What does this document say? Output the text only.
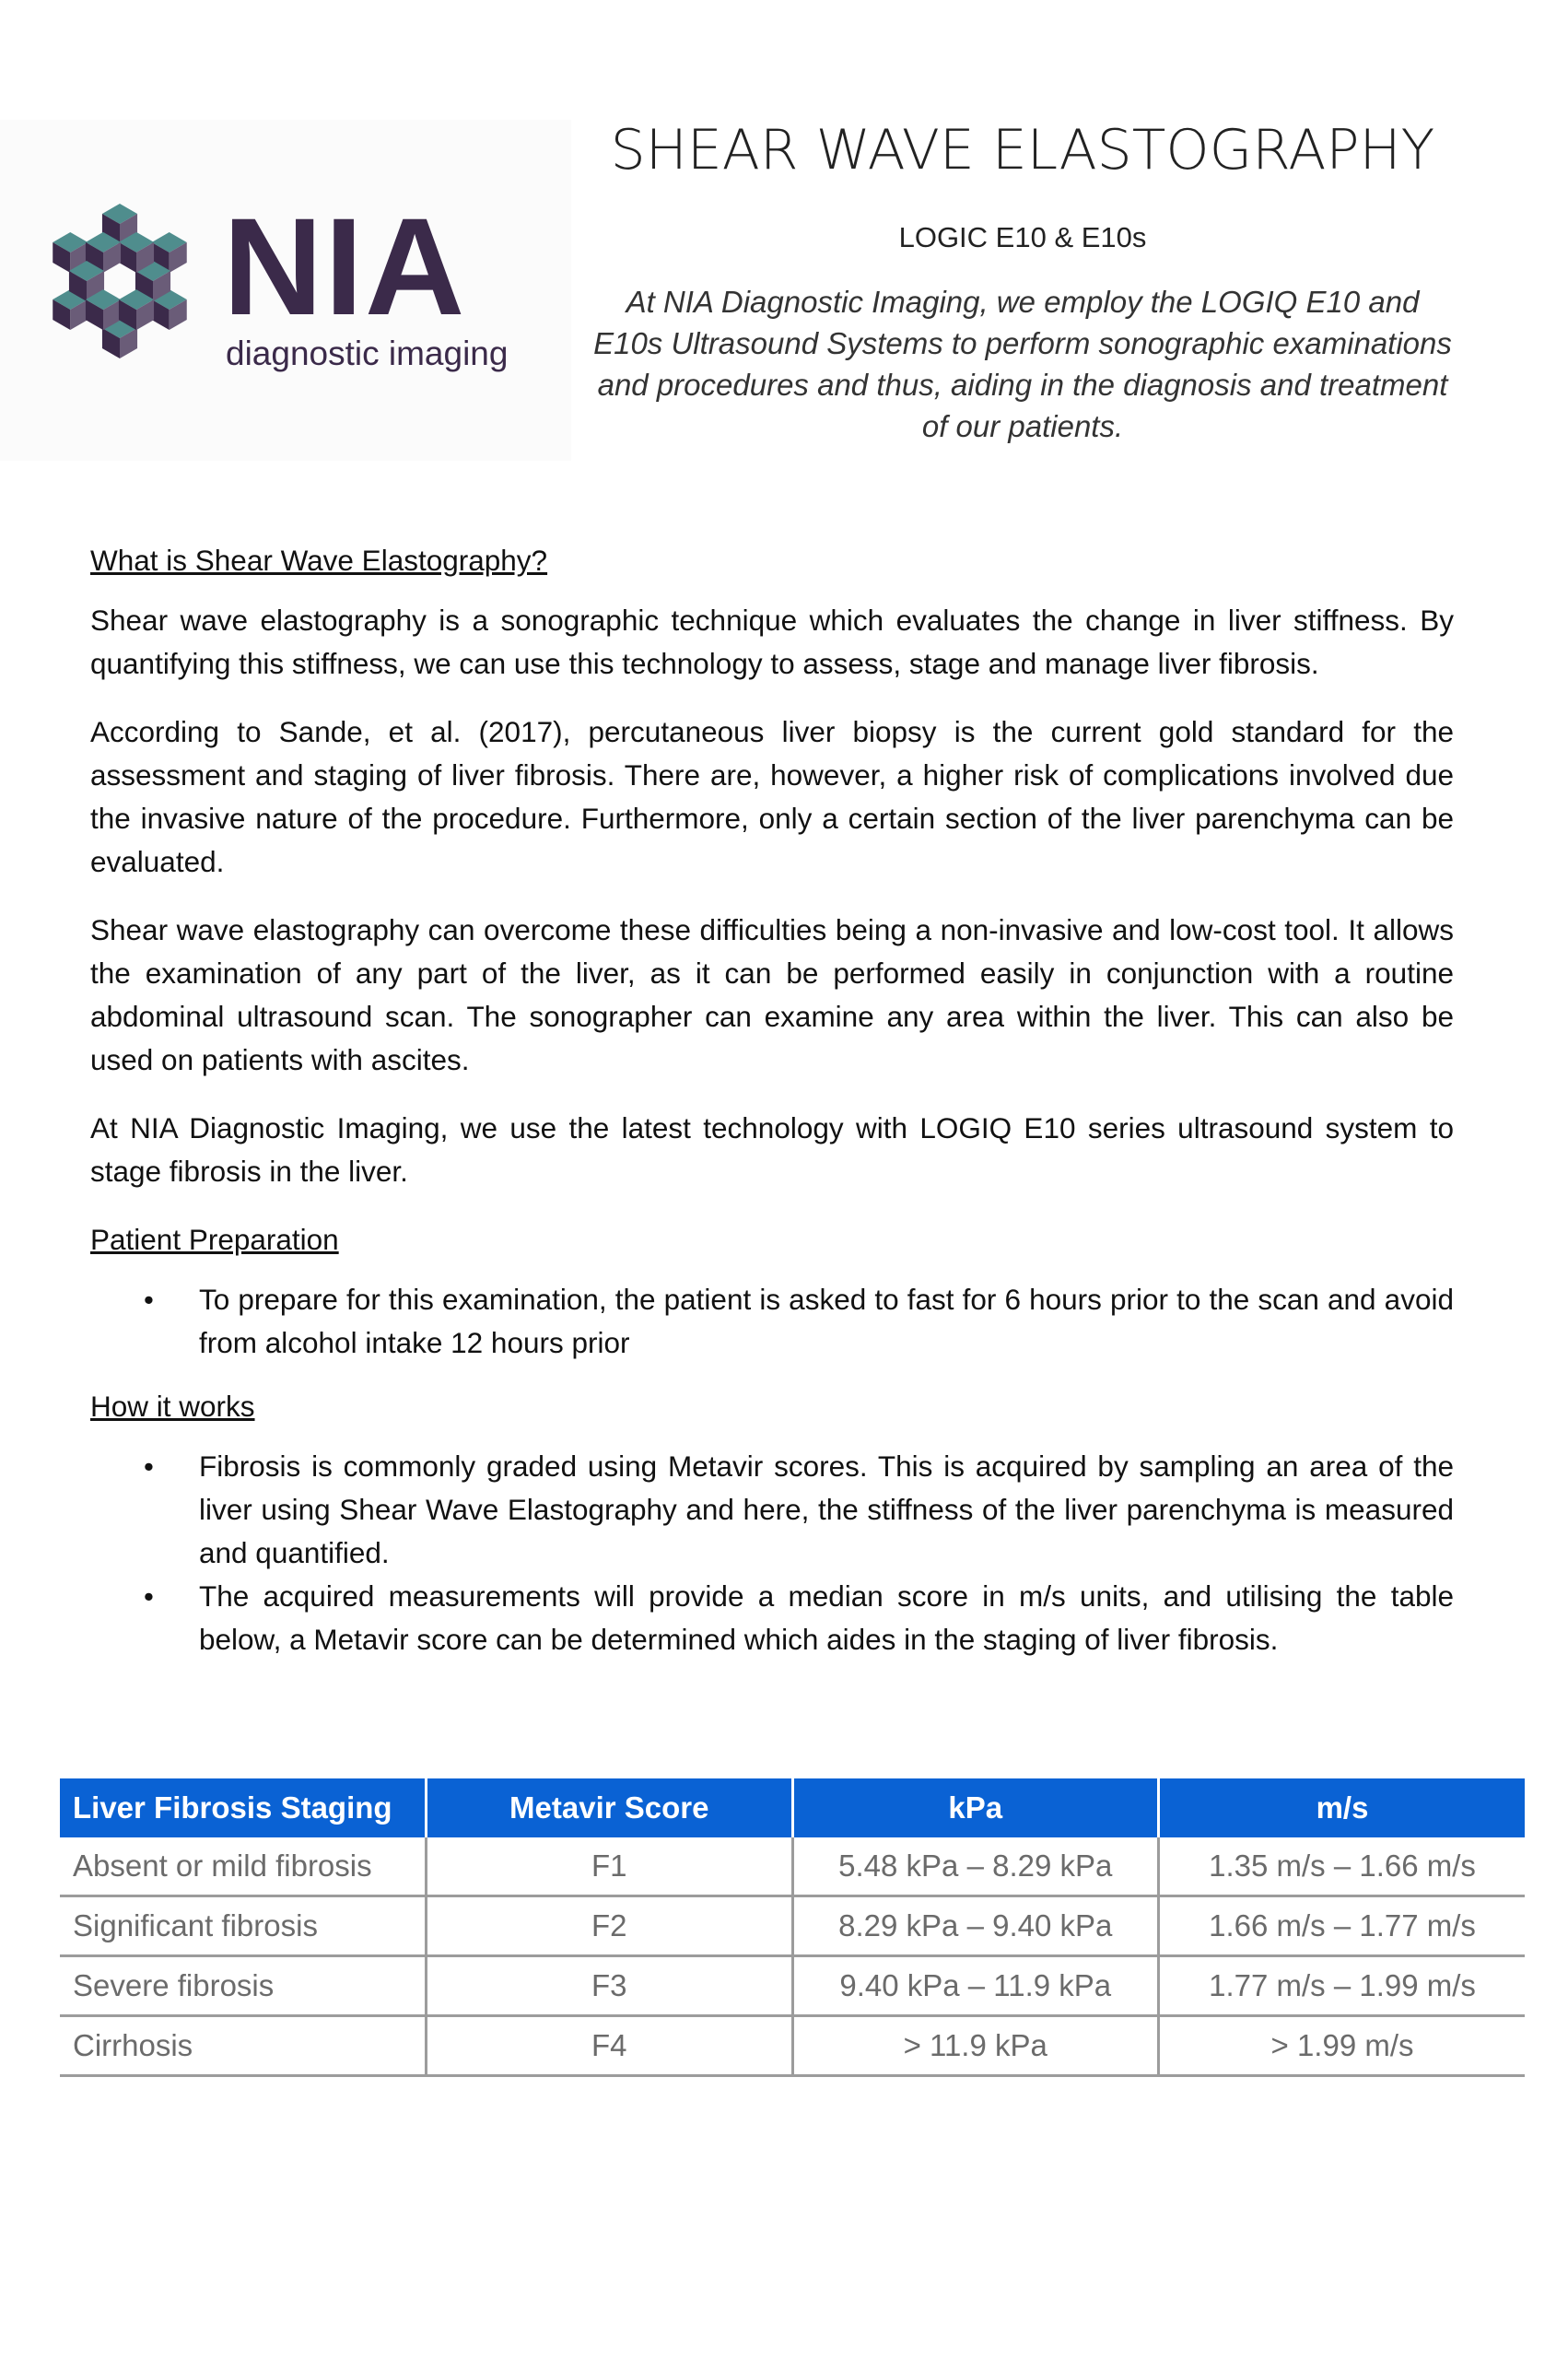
NIA
diagnostic imaging
SHEAR WAVE ELASTOGRAPHY
LOGIC E10 & E10s
At NIA Diagnostic Imaging, we employ the LOGIQ E10 and E10s Ultrasound Systems to perform sonographic examinations and procedures and thus, aiding in the diagnosis and treatment of our patients.
What is Shear Wave Elastography?

Shear wave elastography is a sonographic technique which evaluates the change in liver stiffness. By quantifying this stiffness, we can use this technology to assess, stage and manage liver fibrosis.

According to Sande, et al. (2017), percutaneous liver biopsy is the current gold standard for the assessment and staging of liver fibrosis. There are, however, a higher risk of complications involved due the invasive nature of the procedure. Furthermore, only a certain section of the liver parenchyma can be evaluated.

Shear wave elastography can overcome these difficulties being a non-invasive and low-cost tool. It allows the examination of any part of the liver, as it can be performed easily in conjunction with a routine abdominal ultrasound scan. The sonographer can examine any area within the liver. This can also be used on patients with ascites.

At NIA Diagnostic Imaging, we use the latest technology with LOGIQ E10 series ultrasound system to stage fibrosis in the liver.

Patient Preparation
• To prepare for this examination, the patient is asked to fast for 6 hours prior to the scan and avoid from alcohol intake 12 hours prior
How it works
• Fibrosis is commonly graded using Metavir scores. This is acquired by sampling an area of the liver using Shear Wave Elastography and here, the stiffness of the liver parenchyma is measured and quantified.
• The acquired measurements will provide a median score in m/s units, and utilising the table below, a Metavir score can be determined which aides in the staging of liver fibrosis.
Liver Fibrosis Staging	Metavir Score	kPa	m/s
Absent or mild fibrosis	F1	5.48 kPa – 8.29 kPa	1.35 m/s – 1.66 m/s
Significant fibrosis	F2	8.29 kPa – 9.40 kPa	1.66 m/s – 1.77 m/s
Severe fibrosis	F3	9.40 kPa – 11.9 kPa	1.77 m/s – 1.99 m/s
Cirrhosis	F4	> 11.9 kPa	> 1.99 m/s
